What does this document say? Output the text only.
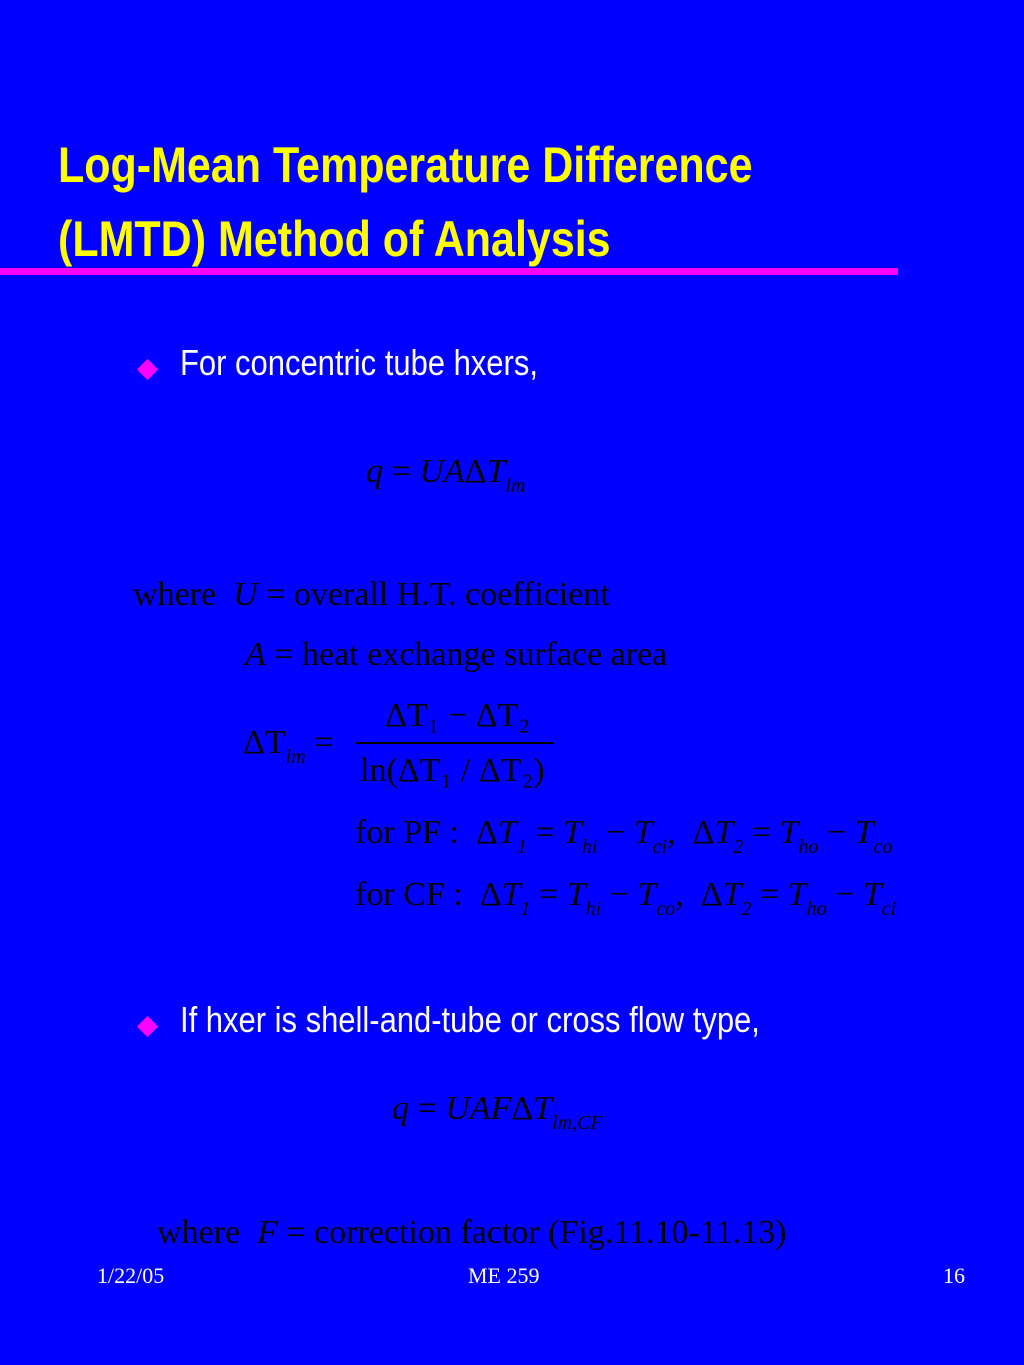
Log-Mean Temperature Difference
(LMTD) Method of Analysis
For concentric tube hxers,
$q = UA\Delta T_{lm}$
where U = overall H.T. coefficient
A = heat exchange surface area
$\Delta T_{lm}$ =
ΔT₁ − ΔT₂
ln(ΔT₁ / ΔT₂)
for PF :  $\Delta T_1 = T_{hi} - T_{ci}$,  $\Delta T_2 = T_{ho} - T_{co}$
for CF :  $\Delta T_1 = T_{hi} - T_{co}$,  $\Delta T_2 = T_{ho} - T_{ci}$
If hxer is shell-and-tube or cross flow type,
$q = UAF\Delta T_{lm,CF}$
where F = correction factor (Fig.11.10-11.13)
1/22/05	ME 259	16
